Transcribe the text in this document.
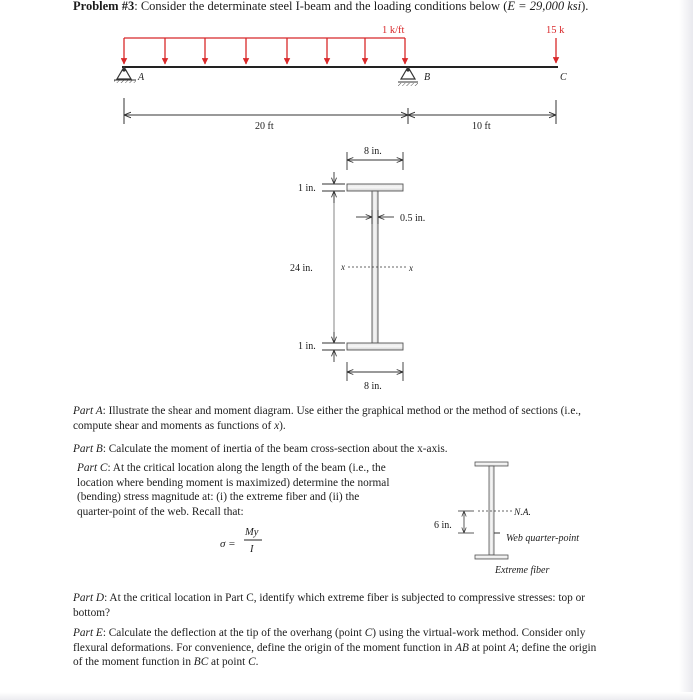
Problem #3: Consider the determinate steel I-beam and the loading conditions below (E = 29,000 ksi).
1 k/ft	15 k
A	B	C
20 ft	10 ft
8 in.
1 in.
0.5 in.
24 in.	x	x
1 in.
8 in.
N.A.
6 in.
Web quarter-point
Extreme fiber
σ =
My
I
Part A: Illustrate the shear and moment diagram. Use either the graphical method or the method of sections (i.e.,
compute shear and moments as functions of x).
Part B: Calculate the moment of inertia of the beam cross-section about the x-axis.
Part C: At the critical location along the length of the beam (i.e., the
location where bending moment is maximized) determine the normal
(bending) stress magnitude at: (i) the extreme fiber and (ii) the
quarter-point of the web. Recall that:
Part D: At the critical location in Part C, identify which extreme fiber is subjected to compressive stresses: top or
bottom?
Part E: Calculate the deflection at the tip of the overhang (point C) using the virtual-work method. Consider only
flexural deformations. For convenience, define the origin of the moment function in AB at point A; define the origin
of the moment function in BC at point C.
